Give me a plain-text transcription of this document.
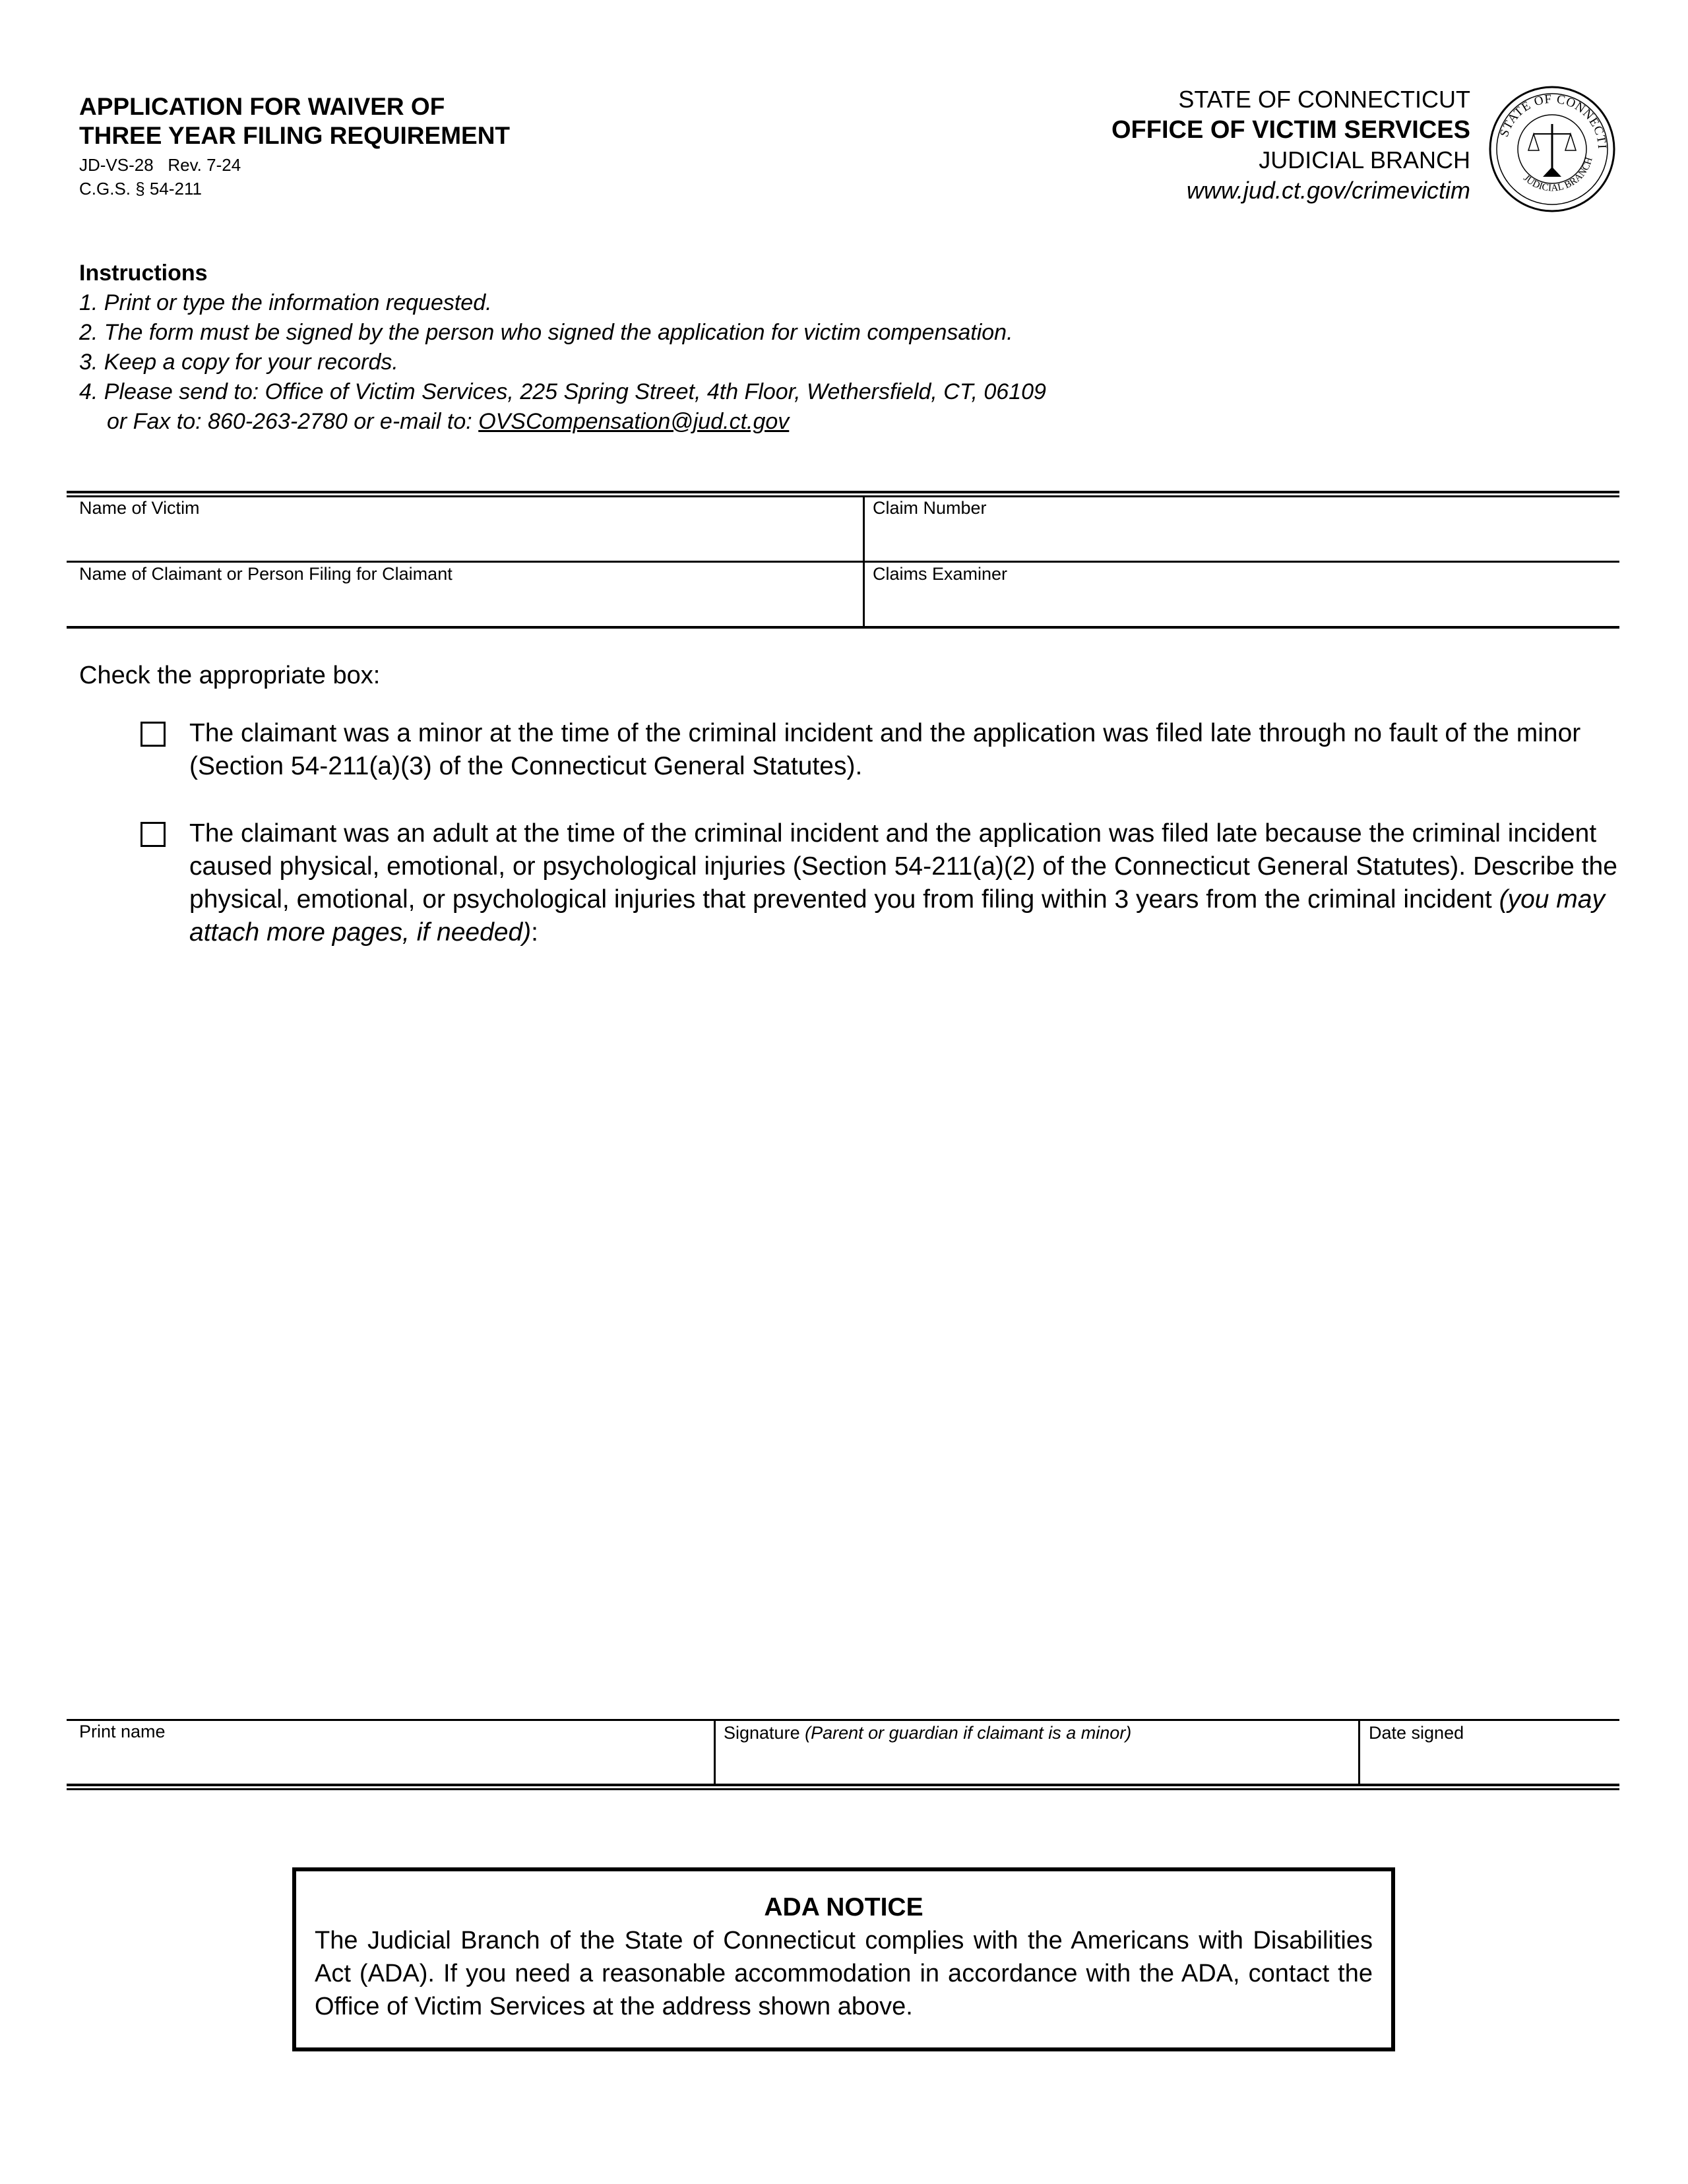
APPLICATION FOR WAIVER OF
THREE YEAR FILING REQUIREMENT
JD-VS-28   Rev. 7-24
C.G.S. § 54-211
STATE OF CONNECTICUT
OFFICE OF VICTIM SERVICES
JUDICIAL BRANCH
www.jud.ct.gov/crimevictim
STATE OF CONNECTI
JUDICIAL BRANCH
Instructions
1. Print or type the information requested.
2. The form must be signed by the person who signed the application for victim compensation.
3. Keep a copy for your records.
4. Please send to: Office of Victim Services, 225 Spring Street, 4th Floor, Wethersfield, CT, 06109
or Fax to: 860-263-2780 or e-mail to: OVSCompensation@jud.ct.gov
Name of Victim	Claim Number
Name of Claimant or Person Filing for Claimant	Claims Examiner
Check the appropriate box:
The claimant was a minor at the time of the criminal incident and the application was filed late through no fault of the minor (Section 54-211(a)(3) of the Connecticut General Statutes).
The claimant was an adult at the time of the criminal incident and the application was filed late because the criminal incident caused physical, emotional, or psychological injuries (Section 54-211(a)(2) of the Connecticut General Statutes). Describe the physical, emotional, or psychological injuries that prevented you from filing within 3 years from the criminal incident (you may attach more pages, if needed):
Print name	Signature (Parent or guardian if claimant is a minor)	Date signed
ADA NOTICE
The Judicial Branch of the State of Connecticut complies with the Americans with Disabilities Act (ADA). If you need a reasonable accommodation in accordance with the ADA, contact the Office of Victim Services at the address shown above.
